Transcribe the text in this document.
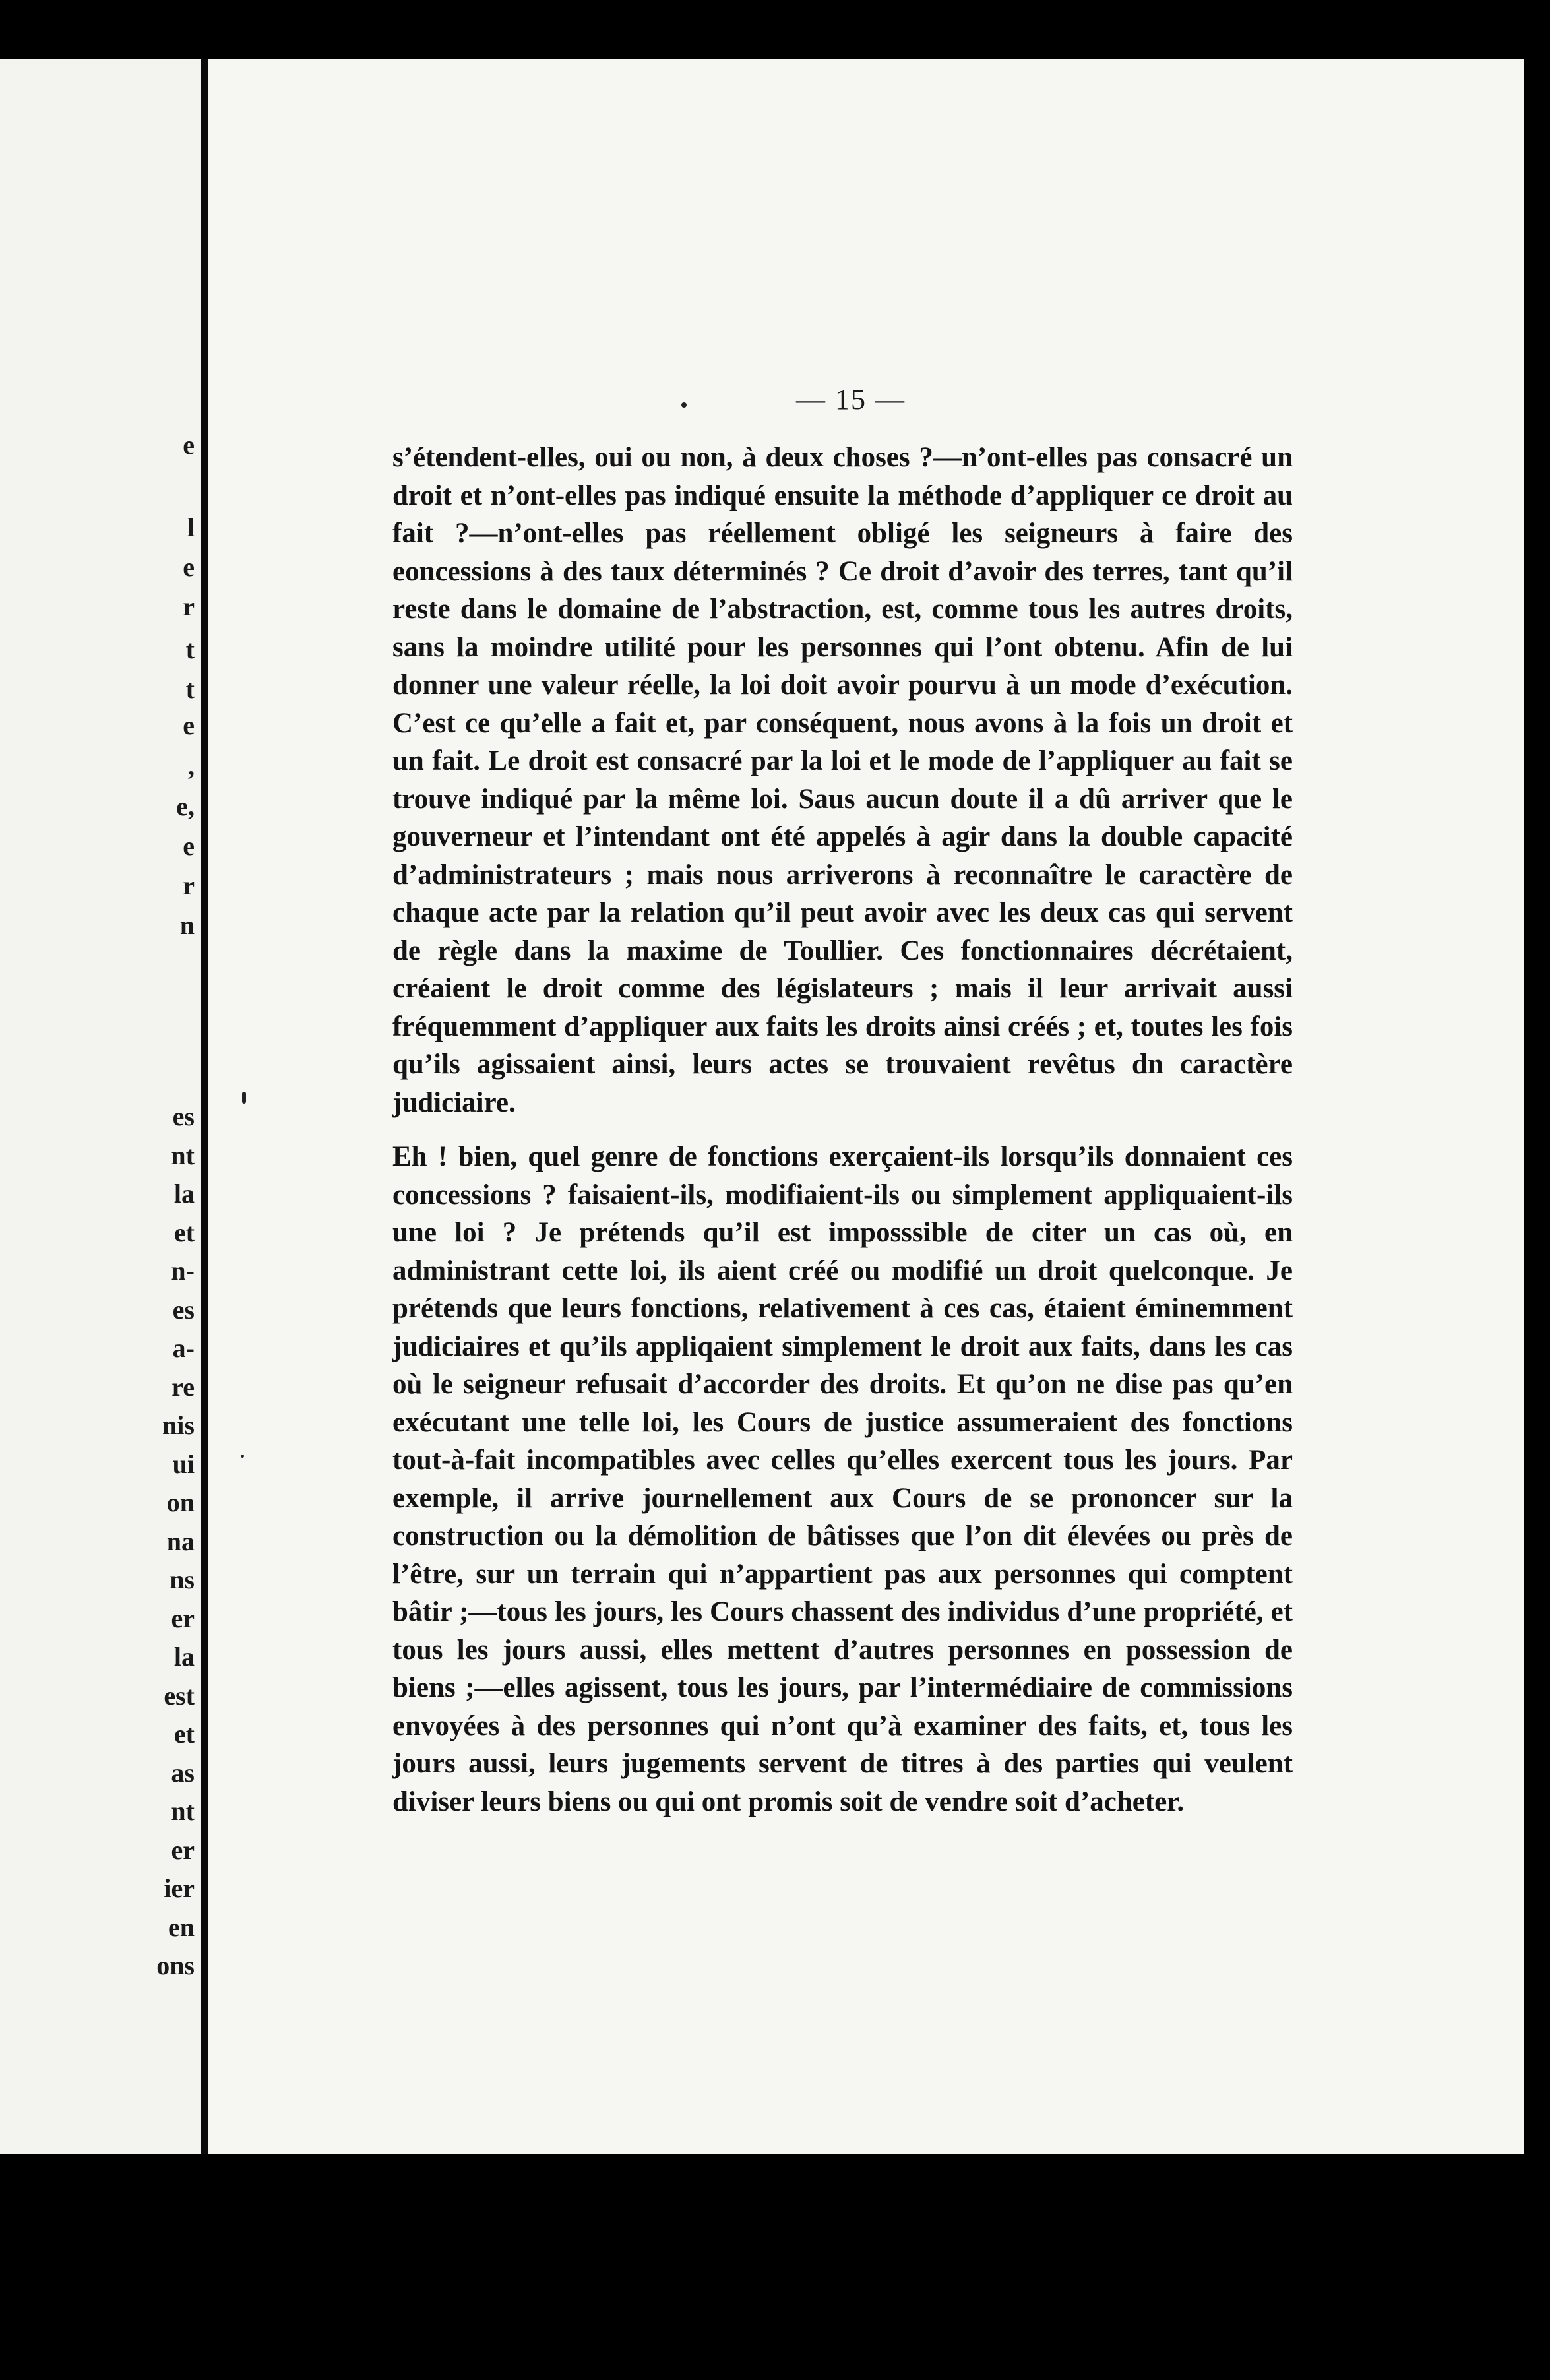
e
l
e
r
t
t
e
,
e,
e
r
n
es
nt
la
et
n-
es
a-
re
nis
ui
on
na
ns
er
la
est
et
as
nt
er
ier
en
ons
— 15 —

s’étendent-elles, oui ou non, à deux choses ?—n’ont-elles pas consacré un droit et n’ont-elles pas indiqué ensuite la méthode d’appliquer ce droit au fait ?—n’ont-elles pas réellement obligé les seigneurs à faire des eoncessions à des taux déterminés ? Ce droit d’avoir des terres, tant qu’il reste dans le domaine de l’abstraction, est, comme tous les autres droits, sans la moindre utilité pour les personnes qui l’ont obtenu. Afin de lui donner une valeur réelle, la loi doit avoir pourvu à un mode d’exécution. C’est ce qu’elle a fait et, par conséquent, nous avons à la fois un droit et un fait. Le droit est consacré par la loi et le mode de l’appliquer au fait se trouve indiqué par la même loi. Saus aucun doute il a dû arriver que le gouverneur et l’intendant ont été appelés à agir dans la double capacité d’administrateurs ; mais nous arriverons à reconnaître le caractère de chaque acte par la relation qu’il peut avoir avec les deux cas qui servent de règle dans la maxime de Toullier. Ces fonctionnaires décrétaient, créaient le droit comme des législateurs ; mais il leur arrivait aussi fréquemment d’appliquer aux faits les droits ainsi créés ; et, toutes les fois qu’ils agissaient ainsi, leurs actes se trouvaient revêtus dn caractère judiciaire.

Eh ! bien, quel genre de fonctions exerçaient-ils lorsqu’ils donnaient ces concessions ? faisaient-ils, modifiaient-ils ou simplement appliquaient-ils une loi ? Je prétends qu’il est imposssible de citer un cas où, en administrant cette loi, ils aient créé ou modifié un droit quelconque. Je prétends que leurs fonctions, relativement à ces cas, étaient éminemment judiciaires et qu’ils appliqaient simplement le droit aux faits, dans les cas où le seigneur refusait d’accorder des droits. Et qu’on ne dise pas qu’en exécutant une telle loi, les Cours de justice assumeraient des fonctions tout-à-fait incompatibles avec celles qu’elles exercent tous les jours. Par exemple, il arrive journellement aux Cours de se prononcer sur la construction ou la démolition de bâtisses que l’on dit élevées ou près de l’être, sur un terrain qui n’appartient pas aux personnes qui comptent bâtir ;—tous les jours, les Cours chassent des individus d’une propriété, et tous les jours aussi, elles mettent d’autres personnes en possession de biens ;—elles agissent, tous les jours, par l’intermédiaire de commissions envoyées à des personnes qui n’ont qu’à examiner des faits, et, tous les jours aussi, leurs jugements servent de titres à des parties qui veulent diviser leurs biens ou qui ont promis soit de vendre soit d’acheter.
